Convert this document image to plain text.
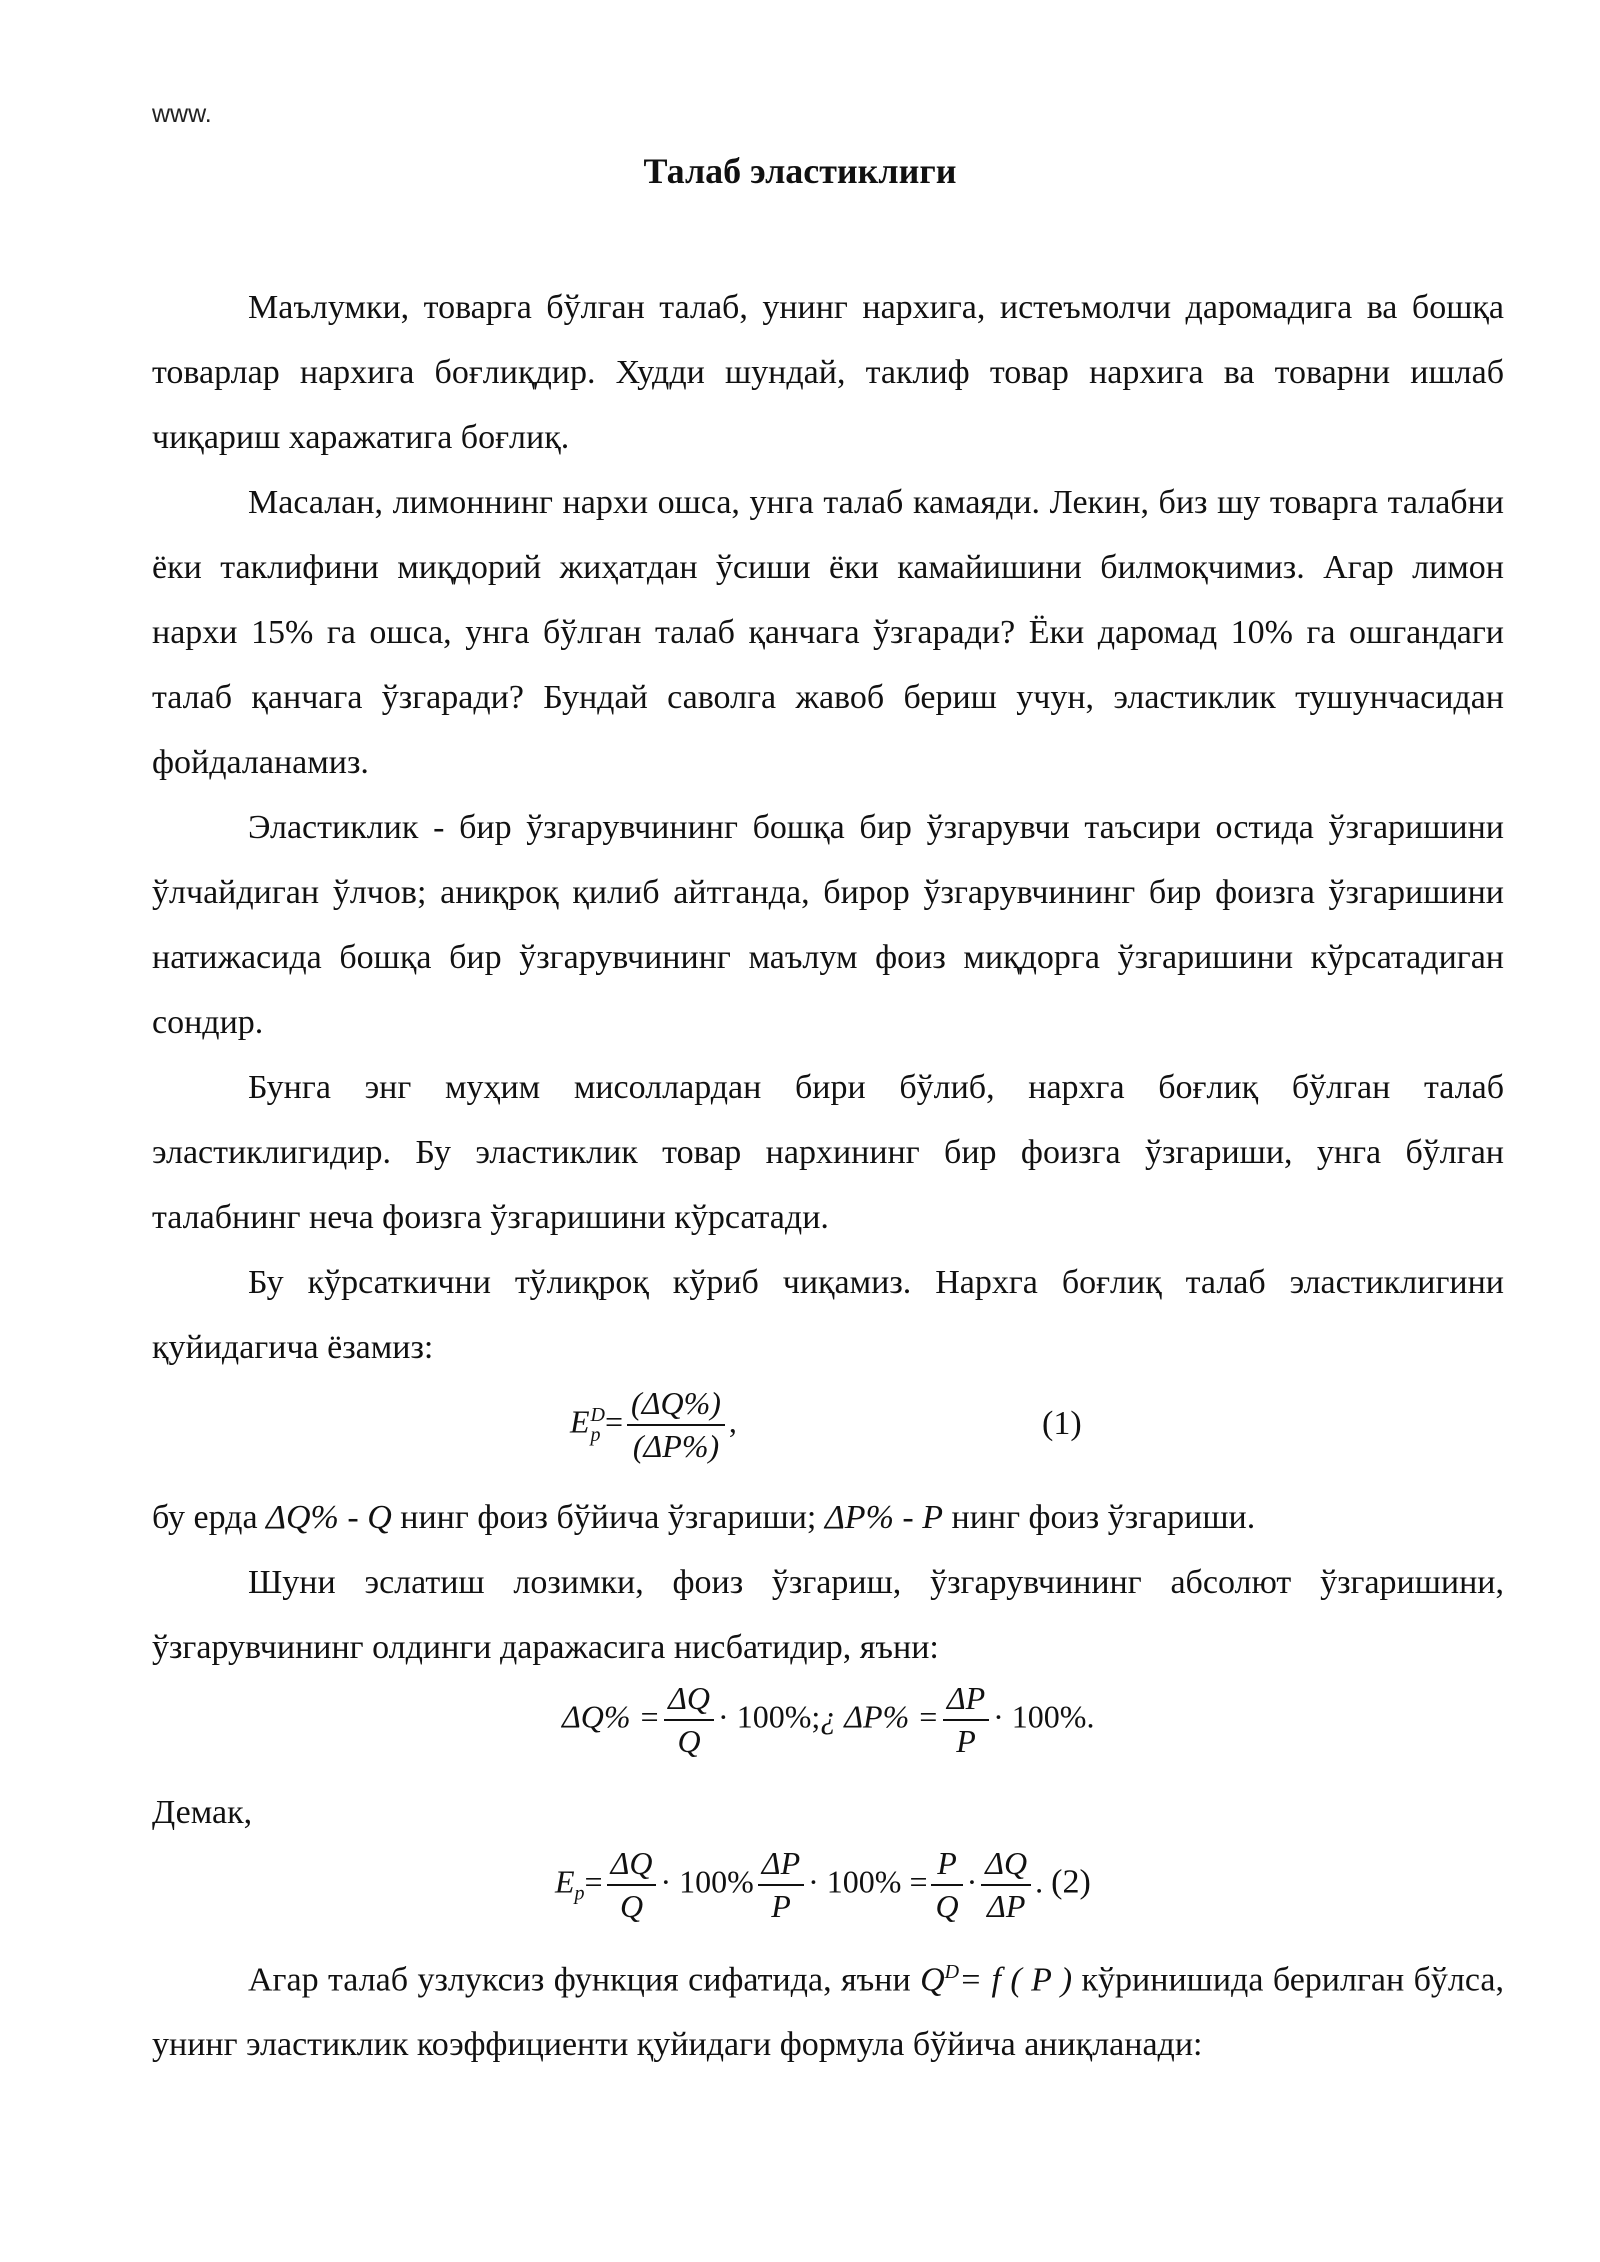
www.
Талаб эластиклиги

Маълумки, товарга бўлган талаб, унинг нархига, истеъмолчи даромадига ва бошқа товарлар нархига боғлиқдир. Худди шундай, таклиф товар нархига ва товарни ишлаб чиқариш харажатига боғлиқ.

Масалан, лимоннинг нархи ошса, унга талаб камаяди. Лекин, биз шу товарга талабни ёки таклифини миқдорий жиҳатдан ўсиши ёки камайишини билмоқчимиз. Агар лимон нархи 15% га ошса, унга бўлган талаб қанчага ўзгаради? Ёки даромад 10% га ошгандаги талаб қанчага ўзгаради? Бундай саволга жавоб бериш учун, эластиклик тушунчасидан фойдаланамиз.

Эластиклик - бир ўзгарувчининг бошқа бир ўзгарувчи таъсири остида ўзгаришини ўлчайдиган ўлчов; аниқроқ қилиб айтганда, бирор ўзгарувчининг бир фоизга ўзгаришини натижасида бошқа бир ўзгарувчининг маълум фоиз миқдорга ўзгаришини кўрсатадиган сондир.

Бунга энг муҳим мисоллардан бири бўлиб, нархга боғлиқ бўлган талаб эластиклигидир. Бу эластиклик товар нархининг бир фоизга ўзгариши, унга бўлган талабнинг неча фоизга ўзгаришини кўрсатади.

Бу кўрсаткични тўлиқроқ кўриб чиқамиз. Нархга боғлиқ талаб эластиклигини қуйидагича ёзамиз:

E D
$p = \frac{(\Delta Q\%)}{(\Delta P\%)}$ ,	(1)

бу ерда ΔQ% - Q нинг фоиз бўйича ўзгариши; ΔP% - P нинг фоиз ўзгариши.

Шуни эслатиш лозимки, фоиз ўзгариш, ўзгарувчининг абсолют ўзгаришини, ўзгарувчининг олдинги даражасига нисбатидир, яъни:

$\Delta Q\% = \frac{\Delta Q}{Q}$ · 100%;¿ $\Delta P\% = \frac{\Delta P}{P} \cdot 100\%$.

Демак,

$E_p= \frac{\Delta Q}{Q} \cdot 100\% \frac{\Delta P}{P} \cdot 100\% = \frac{P}{Q} \cdot \frac{\Delta Q}{\Delta P}$ . (2)

Агар талаб узлуксиз функция сифатида, яъни $Q^D= f$ ( P ) кўринишида берилган бўлса, унинг эластиклик коэффициенти қуйидаги формула бўйича аниқланади:
